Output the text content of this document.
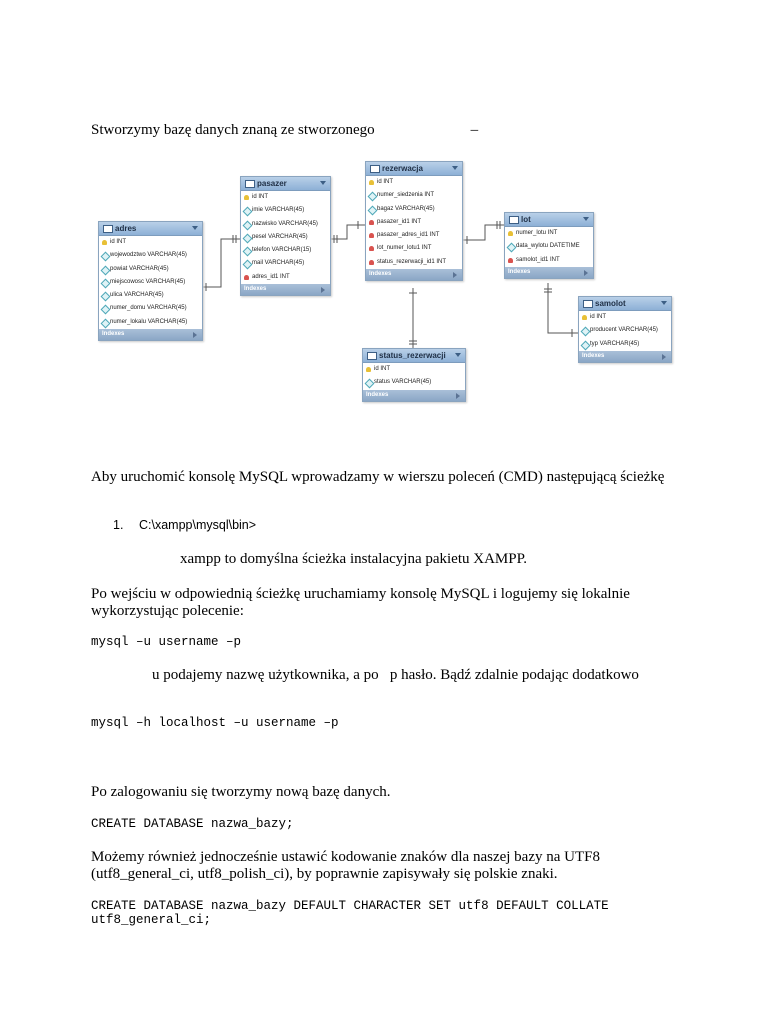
Stworzymy bazę danych znaną ze stworzonego	–

adres
id INT
wojewodztwo VARCHAR(45)
powiat VARCHAR(45)
miejscowosc VARCHAR(45)
ulica VARCHAR(45)
numer_domu VARCHAR(45)
numer_lokalu VARCHAR(45)
Indexes
pasazer
id INT
imie VARCHAR(45)
nazwisko VARCHAR(45)
pesel VARCHAR(45)
telefon VARCHAR(15)
mail VARCHAR(45)
adres_id1 INT
Indexes
rezerwacja
id INT
numer_siedzenia INT
bagaz VARCHAR(45)
pasazer_id1 INT
pasazer_adres_id1 INT
lot_numer_lotu1 INT
status_rezerwacji_id1 INT
Indexes
lot
numer_lotu INT
data_wylotu DATETIME
samolot_id1 INT
Indexes
samolot
id INT
producent VARCHAR(45)
typ VARCHAR(45)
Indexes
status_rezerwacji
id INT
status VARCHAR(45)
Indexes

Aby uruchomić konsolę MySQL wprowadzamy w wierszu poleceń (CMD) następującą ścieżkę

1. C:\xampp\mysql\bin>

xampp to domyślna ścieżka instalacyjna pakietu XAMPP.

Po wejściu w odpowiednią ścieżkę uruchamiamy konsolę MySQL i logujemy się lokalnie wykorzystując polecenie:

mysql –u username –p

u podajemy nazwę użytkownika, a po   p hasło. Bądź zdalnie podając dodatkowo

mysql –h localhost –u username –p

Po zalogowaniu się tworzymy nową bazę danych.

CREATE DATABASE nazwa_bazy;

Możemy również jednocześnie ustawić kodowanie znaków dla naszej bazy na UTF8 (utf8_general_ci, utf8_polish_ci), by poprawnie zapisywały się polskie znaki.

CREATE DATABASE nazwa_bazy DEFAULT CHARACTER SET utf8 DEFAULT COLLATE
utf8_general_ci;
